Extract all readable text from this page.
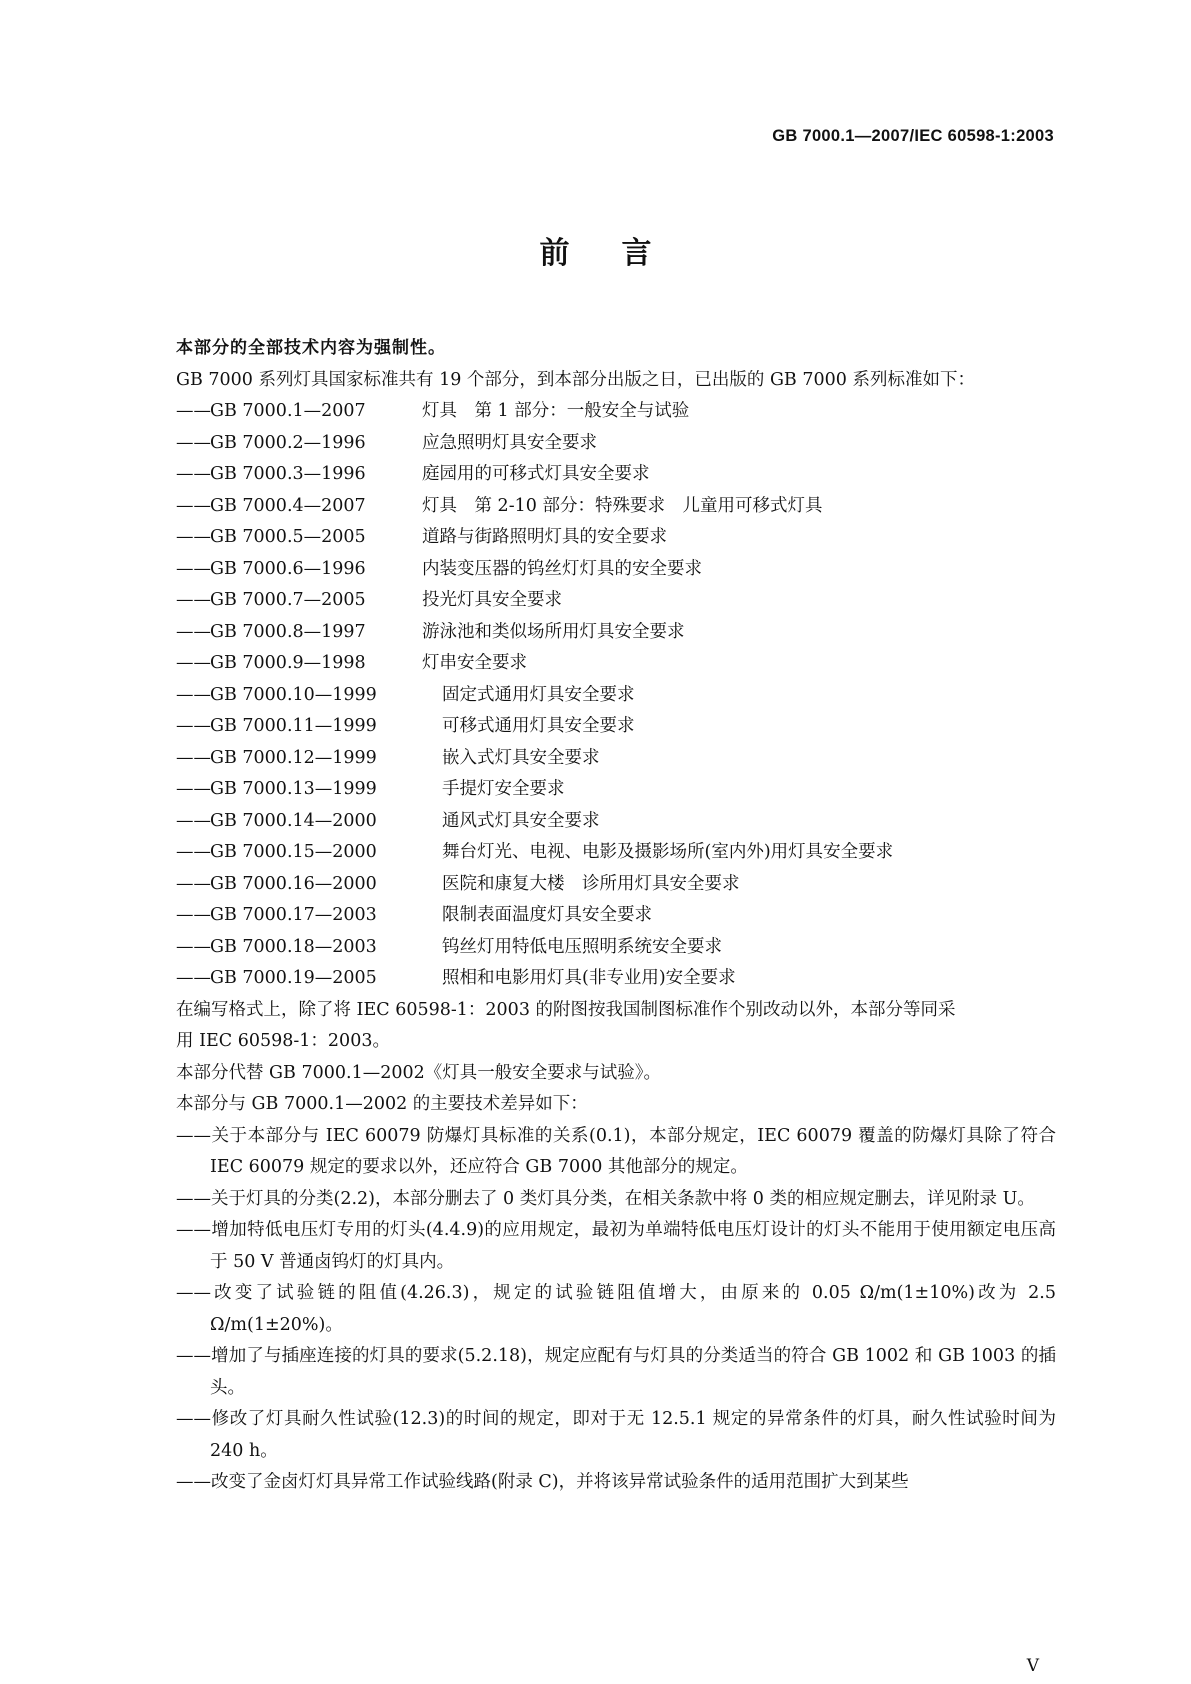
GB 7000.1—2007/IEC 60598-1:2003
前言

本部分的全部技术内容为强制性。

GB 7000 系列灯具国家标准共有 19 个部分，到本部分出版之日，已出版的 GB 7000 系列标准如下：

—— GB 7000.1—2007	灯具　第 1 部分：一般安全与试验
—— GB 7000.2—1996	应急照明灯具安全要求
—— GB 7000.3—1996	庭园用的可移式灯具安全要求
—— GB 7000.4—2007	灯具　第 2-10 部分：特殊要求　儿童用可移式灯具
—— GB 7000.5—2005	道路与街路照明灯具的安全要求
—— GB 7000.6—1996	内装变压器的钨丝灯灯具的安全要求
—— GB 7000.7—2005	投光灯具安全要求
—— GB 7000.8—1997	游泳池和类似场所用灯具安全要求
—— GB 7000.9—1998	灯串安全要求
—— GB 7000.10—1999	固定式通用灯具安全要求
—— GB 7000.11—1999	可移式通用灯具安全要求
—— GB 7000.12—1999	嵌入式灯具安全要求
—— GB 7000.13—1999	手提灯安全要求
—— GB 7000.14—2000	通风式灯具安全要求
—— GB 7000.15—2000	舞台灯光、电视、电影及摄影场所(室内外)用灯具安全要求
—— GB 7000.16—2000	医院和康复大楼　诊所用灯具安全要求
—— GB 7000.17—2003	限制表面温度灯具安全要求
—— GB 7000.18—2003	钨丝灯用特低电压照明系统安全要求
—— GB 7000.19—2005	照相和电影用灯具(非专业用)安全要求

在编写格式上，除了将 IEC 60598-1：2003 的附图按我国制图标准作个别改动以外，本部分等同采

用 IEC 60598-1：2003。

本部分代替 GB 7000.1—2002《灯具一般安全要求与试验》。

本部分与 GB 7000.1—2002 的主要技术差异如下：

——关于本部分与 IEC 60079 防爆灯具标准的关系(0.1)，本部分规定，IEC 60079 覆盖的防爆灯具除了符合 IEC 60079 规定的要求以外，还应符合 GB 7000 其他部分的规定。

——关于灯具的分类(2.2)，本部分删去了 0 类灯具分类，在相关条款中将 0 类的相应规定删去，详见附录 U。

——增加特低电压灯专用的灯头(4.4.9)的应用规定，最初为单端特低电压灯设计的灯头不能用于使用额定电压高于 50 V 普通卤钨灯的灯具内。

——改变了试验链的阻值(4.26.3)，规定的试验链阻值增大，由原来的 0.05 Ω/m(1±10%)改为 2.5 Ω/m(1±20%)。

——增加了与插座连接的灯具的要求(5.2.18)，规定应配有与灯具的分类适当的符合 GB 1002 和 GB 1003 的插头。

——修改了灯具耐久性试验(12.3)的时间的规定，即对于无 12.5.1 规定的异常条件的灯具，耐久性试验时间为 240 h。

——改变了金卤灯灯具异常工作试验线路(附录 C)，并将该异常试验条件的适用范围扩大到某些

V
